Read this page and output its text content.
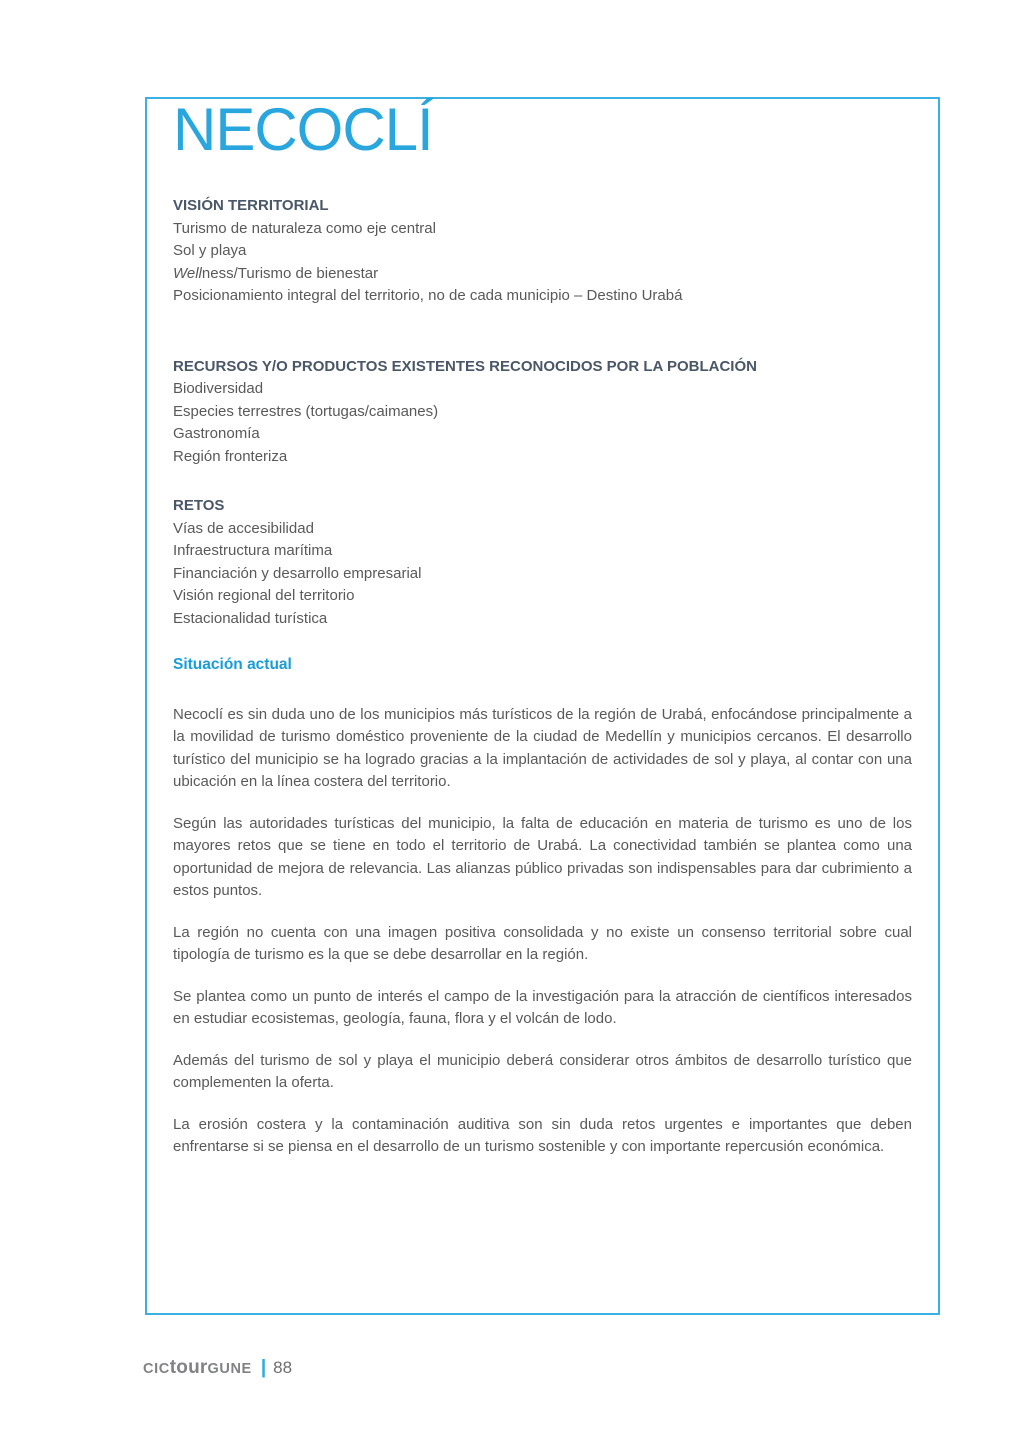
NECOCLÍ
VISIÓN TERRITORIAL
Turismo de naturaleza como eje central
Sol y playa
Wellness/Turismo de bienestar
Posicionamiento integral del territorio, no de cada municipio – Destino Urabá
RECURSOS Y/O PRODUCTOS EXISTENTES RECONOCIDOS POR LA POBLACIÓN
Biodiversidad
Especies terrestres (tortugas/caimanes)
Gastronomía
Región fronteriza
RETOS
Vías de accesibilidad
Infraestructura marítima
Financiación y desarrollo empresarial
Visión regional del territorio
Estacionalidad turística
Situación actual

Necoclí es sin duda uno de los municipios más turísticos de la región de Urabá, enfocándose principalmente a la movilidad de turismo doméstico proveniente de la ciudad de Medellín y municipios cercanos. El desarrollo turístico del municipio se ha logrado gracias a la implantación de actividades de sol y playa, al contar con una ubicación en la línea costera del territorio.

Según las autoridades turísticas del municipio, la falta de educación en materia de turismo es uno de los mayores retos que se tiene en todo el territorio de Urabá. La conectividad también se plantea como una oportunidad de mejora de relevancia. Las alianzas público privadas son indispensables para dar cubrimiento a estos puntos.

La región no cuenta con una imagen positiva consolidada y no existe un consenso territorial sobre cual tipología de turismo es la que se debe desarrollar en la región.

Se plantea como un punto de interés el campo de la investigación para la atracción de científicos interesados en estudiar ecosistemas, geología, fauna, flora y el volcán de lodo.

Además del turismo de sol y playa el municipio deberá considerar otros ámbitos de desarrollo turístico que complementen la oferta.

La erosión costera y la contaminación auditiva son sin duda retos urgentes e importantes que deben enfrentarse si se piensa en el desarrollo de un turismo sostenible y con importante repercusión económica.

CICtourGUNE | 88
